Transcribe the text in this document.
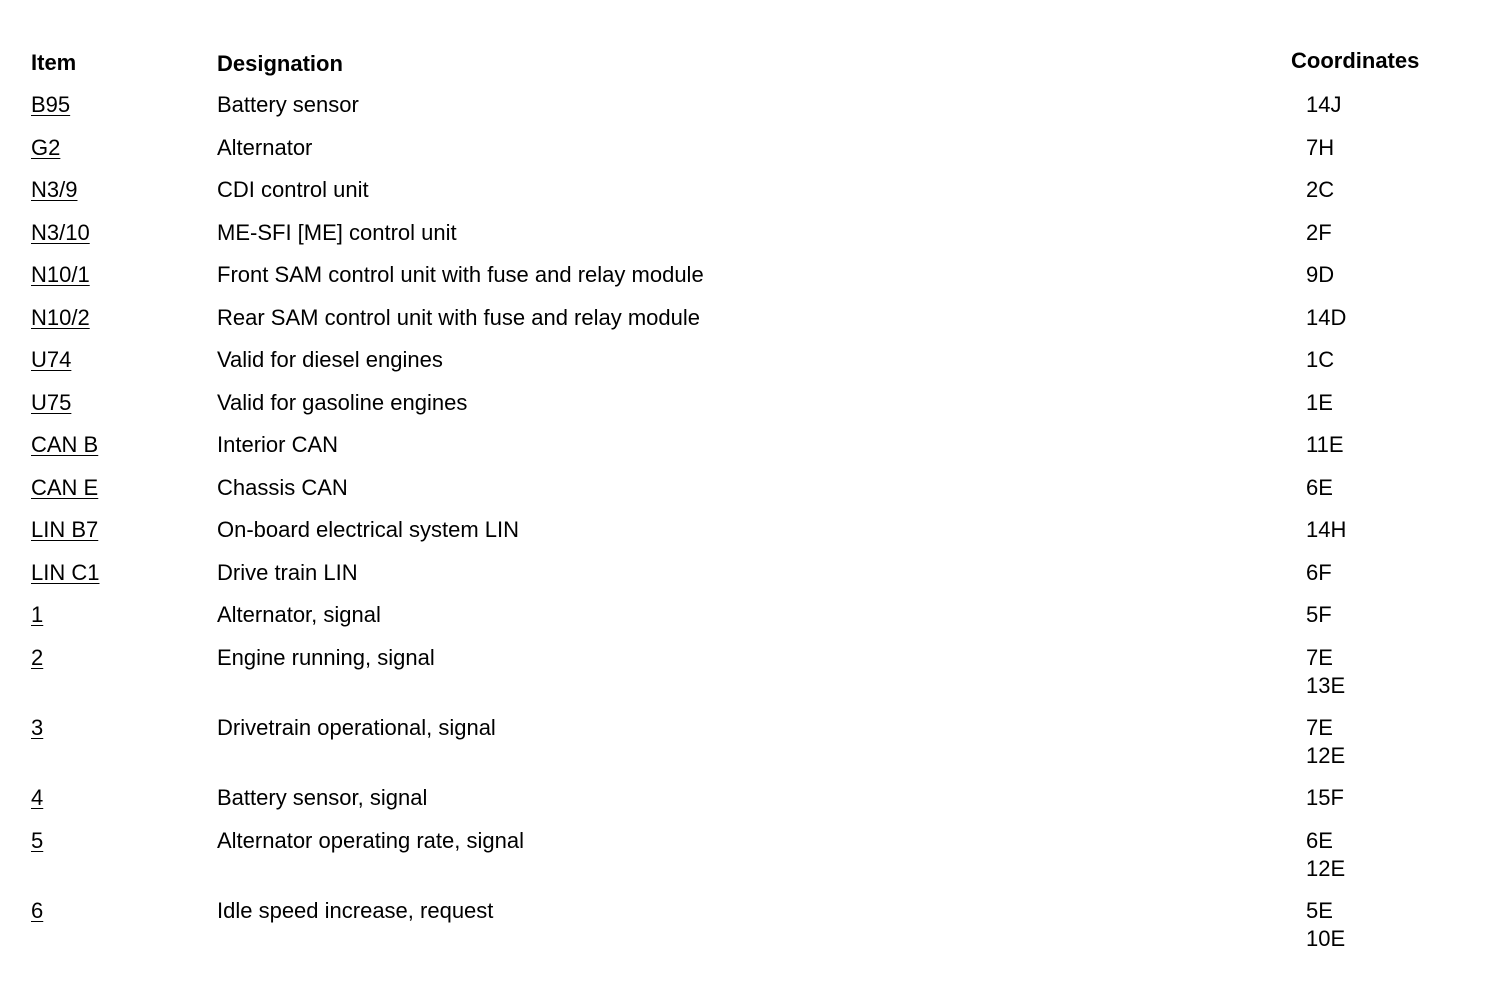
Item	Designation	Coordinates
B95	Battery sensor	14J
G2	Alternator	7H
N3/9	CDI control unit	2C
N3/10	ME-SFI [ME] control unit	2F
N10/1	Front SAM control unit with fuse and relay module	9D
N10/2	Rear SAM control unit with fuse and relay module	14D
U74	Valid for diesel engines	1C
U75	Valid for gasoline engines	1E
CAN B	Interior CAN	11E
CAN E	Chassis CAN	6E
LIN B7	On-board electrical system LIN	14H
LIN C1	Drive train LIN	6F
1	Alternator, signal	5F
2	Engine running, signal	7E
13E
3	Drivetrain operational, signal	7E
12E
4	Battery sensor, signal	15F
5	Alternator operating rate, signal	6E
12E
6	Idle speed increase, request	5E
10E
